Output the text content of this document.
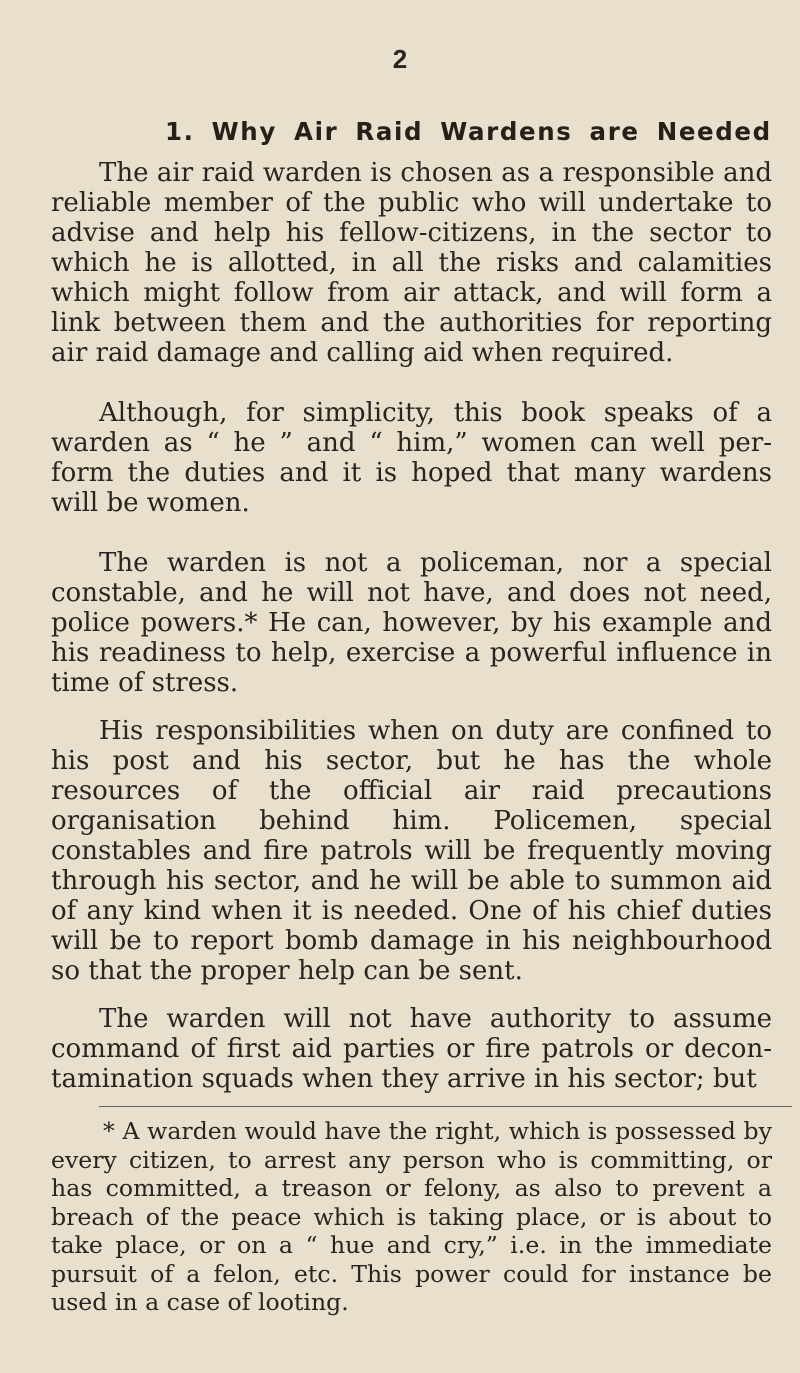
2
1. Why Air Raid Wardens are Needed

The air raid warden is chosen as a responsible and reliable member of the public who will undertake to advise and help his fellow-citizens, in the sector to which he is allotted, in all the risks and calamities which might follow from air attack, and will form a link between them and the authorities for reporting air raid damage and calling aid when required.

Although, for simplicity, this book speaks of a warden as “ he ” and “ him,” women can well per-form the duties and it is hoped that many wardens will be women.

The warden is not a policeman, nor a special constable, and he will not have, and does not need, police powers.* He can, however, by his example and his readiness to help, exercise a powerful influence in time of stress.

His responsibilities when on duty are confined to his post and his sector, but he has the whole resources of the official air raid precautions organisation behind him. Policemen, special constables and fire patrols will be frequently moving through his sector, and he will be able to summon aid of any kind when it is needed. One of his chief duties will be to report bomb damage in his neighbourhood so that the proper help can be sent.

The warden will not have authority to assume command of first aid parties or fire patrols or decon-tamination squads when they arrive in his sector; but

* A warden would have the right, which is possessed by every citizen, to arrest any person who is committing, or has committed, a treason or felony, as also to prevent a breach of the peace which is taking place, or is about to take place, or on a “ hue and cry,” i.e. in the immediate pursuit of a felon, etc. This power could for instance be used in a case of looting.
